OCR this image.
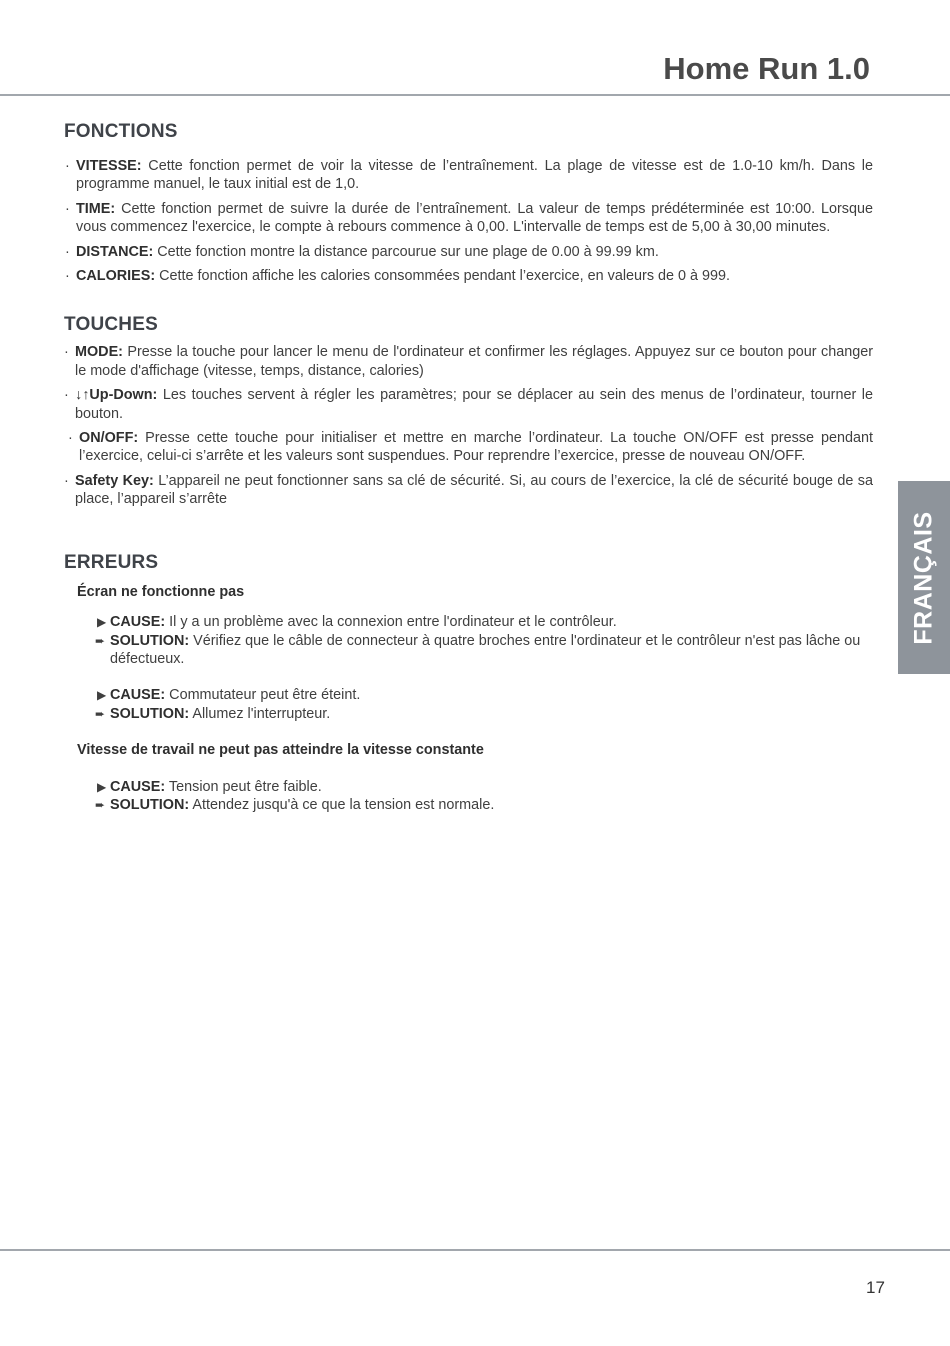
Home Run 1.0
FONCTIONS
· VITESSE: Cette fonction permet de voir la vitesse de l’entraînement. La plage de vitesse est de 1.0-10 km/h. Dans le programme manuel, le taux initial est de 1,0.
· TIME: Cette fonction permet de suivre la durée de l’entraînement. La valeur de temps prédéterminée est 10:00. Lorsque vous commencez l'exercice, le compte à rebours commence à 0,00. L'intervalle de temps est de 5,00 à 30,00 minutes.
· DISTANCE: Cette fonction montre la distance parcourue sur une plage de 0.00 à 99.99 km.
· CALORIES: Cette fonction affiche les calories consommées pendant l’exercice, en valeurs de 0 à 999.
TOUCHES
· MODE: Presse la touche pour lancer le menu de l'ordinateur et confirmer les réglages. Appuyez sur ce bouton pour changer le mode d'affichage (vitesse, temps, distance, calories)
· ↓↑Up-Down: Les touches servent à régler les paramètres; pour se déplacer au sein des menus de l’ordinateur, tourner le bouton.
· ON/OFF: Presse cette touche pour initialiser et mettre en marche l’ordinateur. La touche ON/OFF est presse pendant l’exercice, celui-ci s’arrête et les valeurs sont suspendues. Pour reprendre l’exercice, presse de nouveau ON/OFF.
· Safety Key: L’appareil ne peut fonctionner sans sa clé de sécurité. Si, au cours de l’exercice, la clé de sécurité bouge de sa place, l’appareil s’arrête
ERREURS

Écran ne fonctionne pas

▶ CAUSE: Il y a un problème avec la connexion entre l'ordinateur et le contrôleur.
➨ SOLUTION: Vérifiez que le câble de connecteur à quatre broches entre l'ordinateur et le contrôleur n'est pas lâche ou défectueux.
▶ CAUSE: Commutateur peut être éteint.
➨ SOLUTION: Allumez l'interrupteur.

Vitesse de travail ne peut pas atteindre la vitesse constante

▶ CAUSE: Tension peut être faible.
➨ SOLUTION: Attendez jusqu'à ce que la tension est normale.
FRANÇAIS
17
